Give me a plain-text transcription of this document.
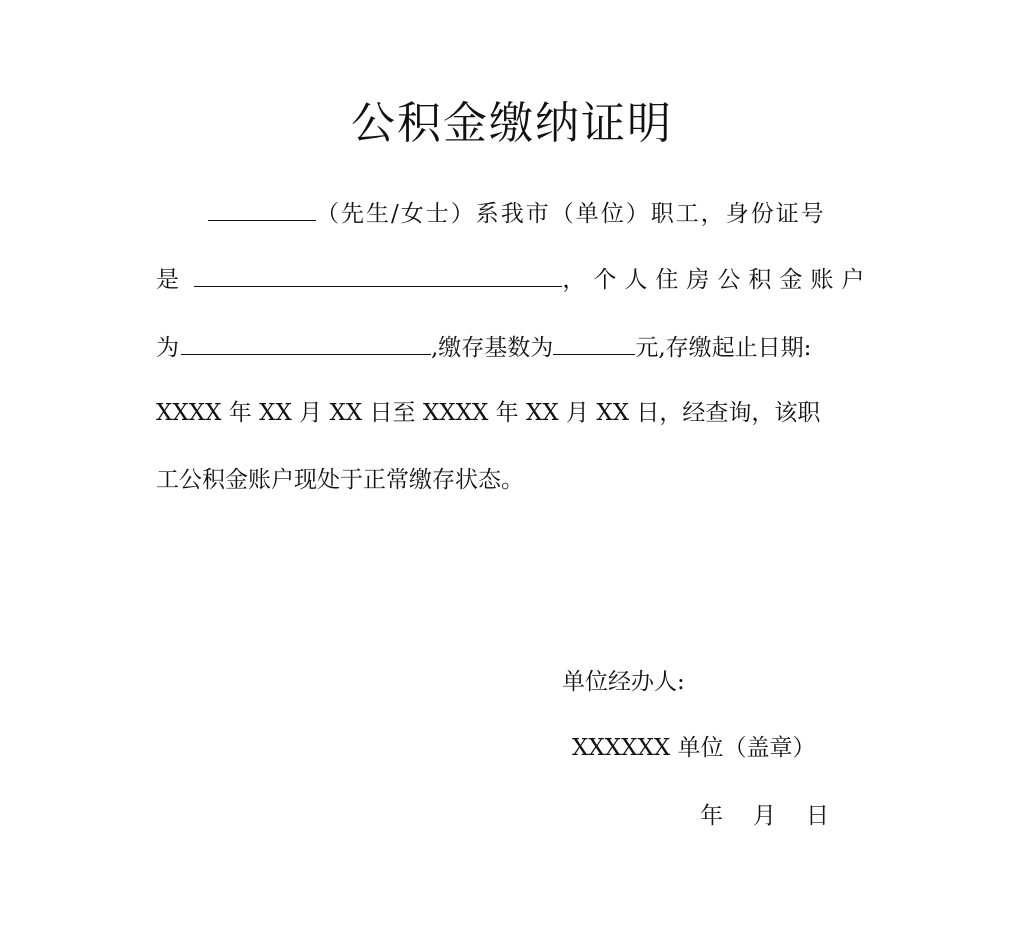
公积金缴纳证明
（先生/女士）系我市（单位）职工，身份证号
是	，个人住房公积金账户
为	,缴存基数为	元,存缴起止日期:
XXXX 年 XX 月 XX 日至 XXXX 年 XX 月 XX 日，经查询，该职
工公积金账户现处于正常缴存状态。
单位经办人:
XXXXXX 单位（盖章）
年 月 日
